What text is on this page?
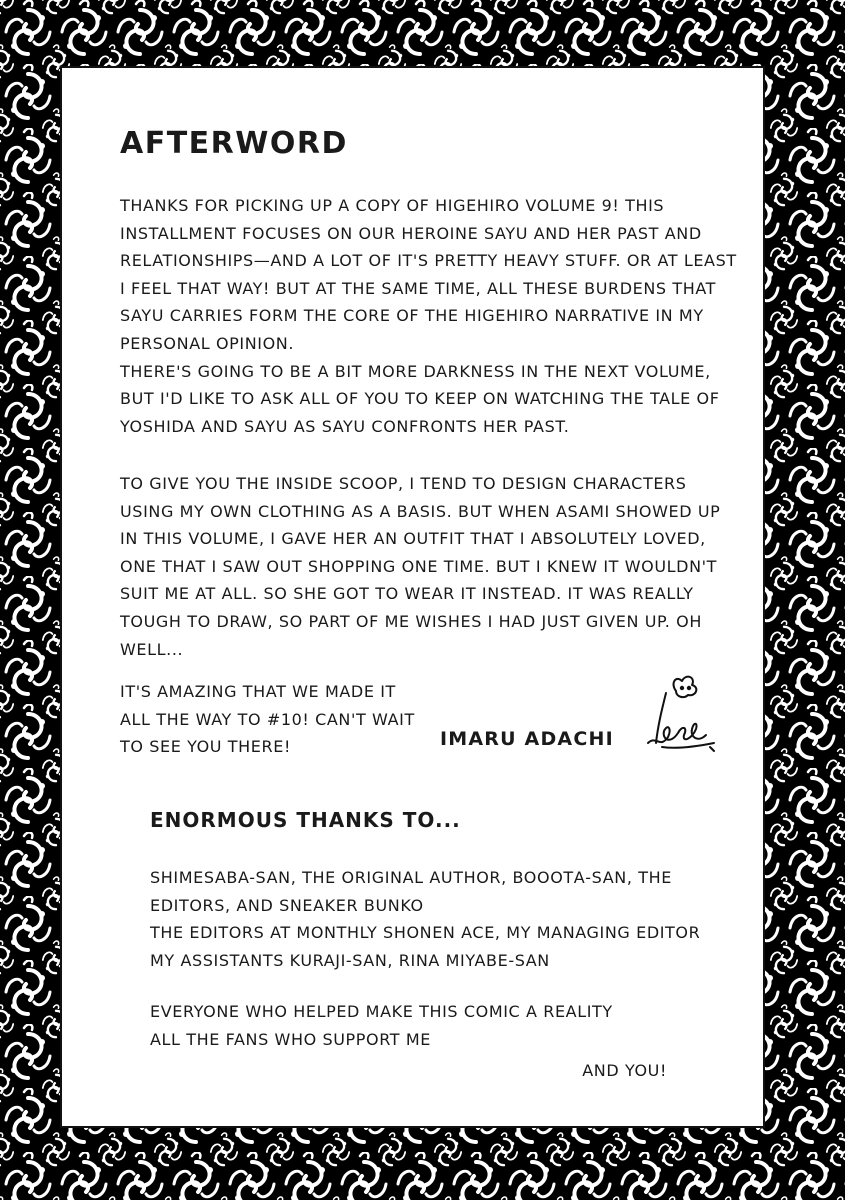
AFTERWORD

THANKS FOR PICKING UP A COPY OF HIGEHIRO VOLUME 9! THIS INSTALLMENT FOCUSES ON OUR HEROINE SAYU AND HER PAST AND RELATIONSHIPS—AND A LOT OF IT'S PRETTY HEAVY STUFF. OR AT LEAST I FEEL THAT WAY! BUT AT THE SAME TIME, ALL THESE BURDENS THAT SAYU CARRIES FORM THE CORE OF THE HIGEHIRO NARRATIVE IN MY PERSONAL OPINION.
THERE'S GOING TO BE A BIT MORE DARKNESS IN THE NEXT VOLUME, BUT I'D LIKE TO ASK ALL OF YOU TO KEEP ON WATCHING THE TALE OF YOSHIDA AND SAYU AS SAYU CONFRONTS HER PAST.

TO GIVE YOU THE INSIDE SCOOP, I TEND TO DESIGN CHARACTERS USING MY OWN CLOTHING AS A BASIS. BUT WHEN ASAMI SHOWED UP IN THIS VOLUME, I GAVE HER AN OUTFIT THAT I ABSOLUTELY LOVED, ONE THAT I SAW OUT SHOPPING ONE TIME. BUT I KNEW IT WOULDN'T SUIT ME AT ALL. SO SHE GOT TO WEAR IT INSTEAD. IT WAS REALLY TOUGH TO DRAW, SO PART OF ME WISHES I HAD JUST GIVEN UP. OH WELL...

IT'S AMAZING THAT WE MADE IT ALL THE WAY TO #10! CAN'T WAIT TO SEE YOU THERE!	IMARU ADACHI

ENORMOUS THANKS TO...
SHIMESABA-SAN, THE ORIGINAL AUTHOR, BOOOTА-SAN, THE EDITORS, AND SNEAKER BUNKO
THE EDITORS AT MONTHLY SHONEN ACE, MY MANAGING EDITOR
MY ASSISTANTS KURAJI-SAN, RINA MIYABE-SAN
EVERYONE WHO HELPED MAKE THIS COMIC A REALITY
ALL THE FANS WHO SUPPORT ME

AND YOU!
